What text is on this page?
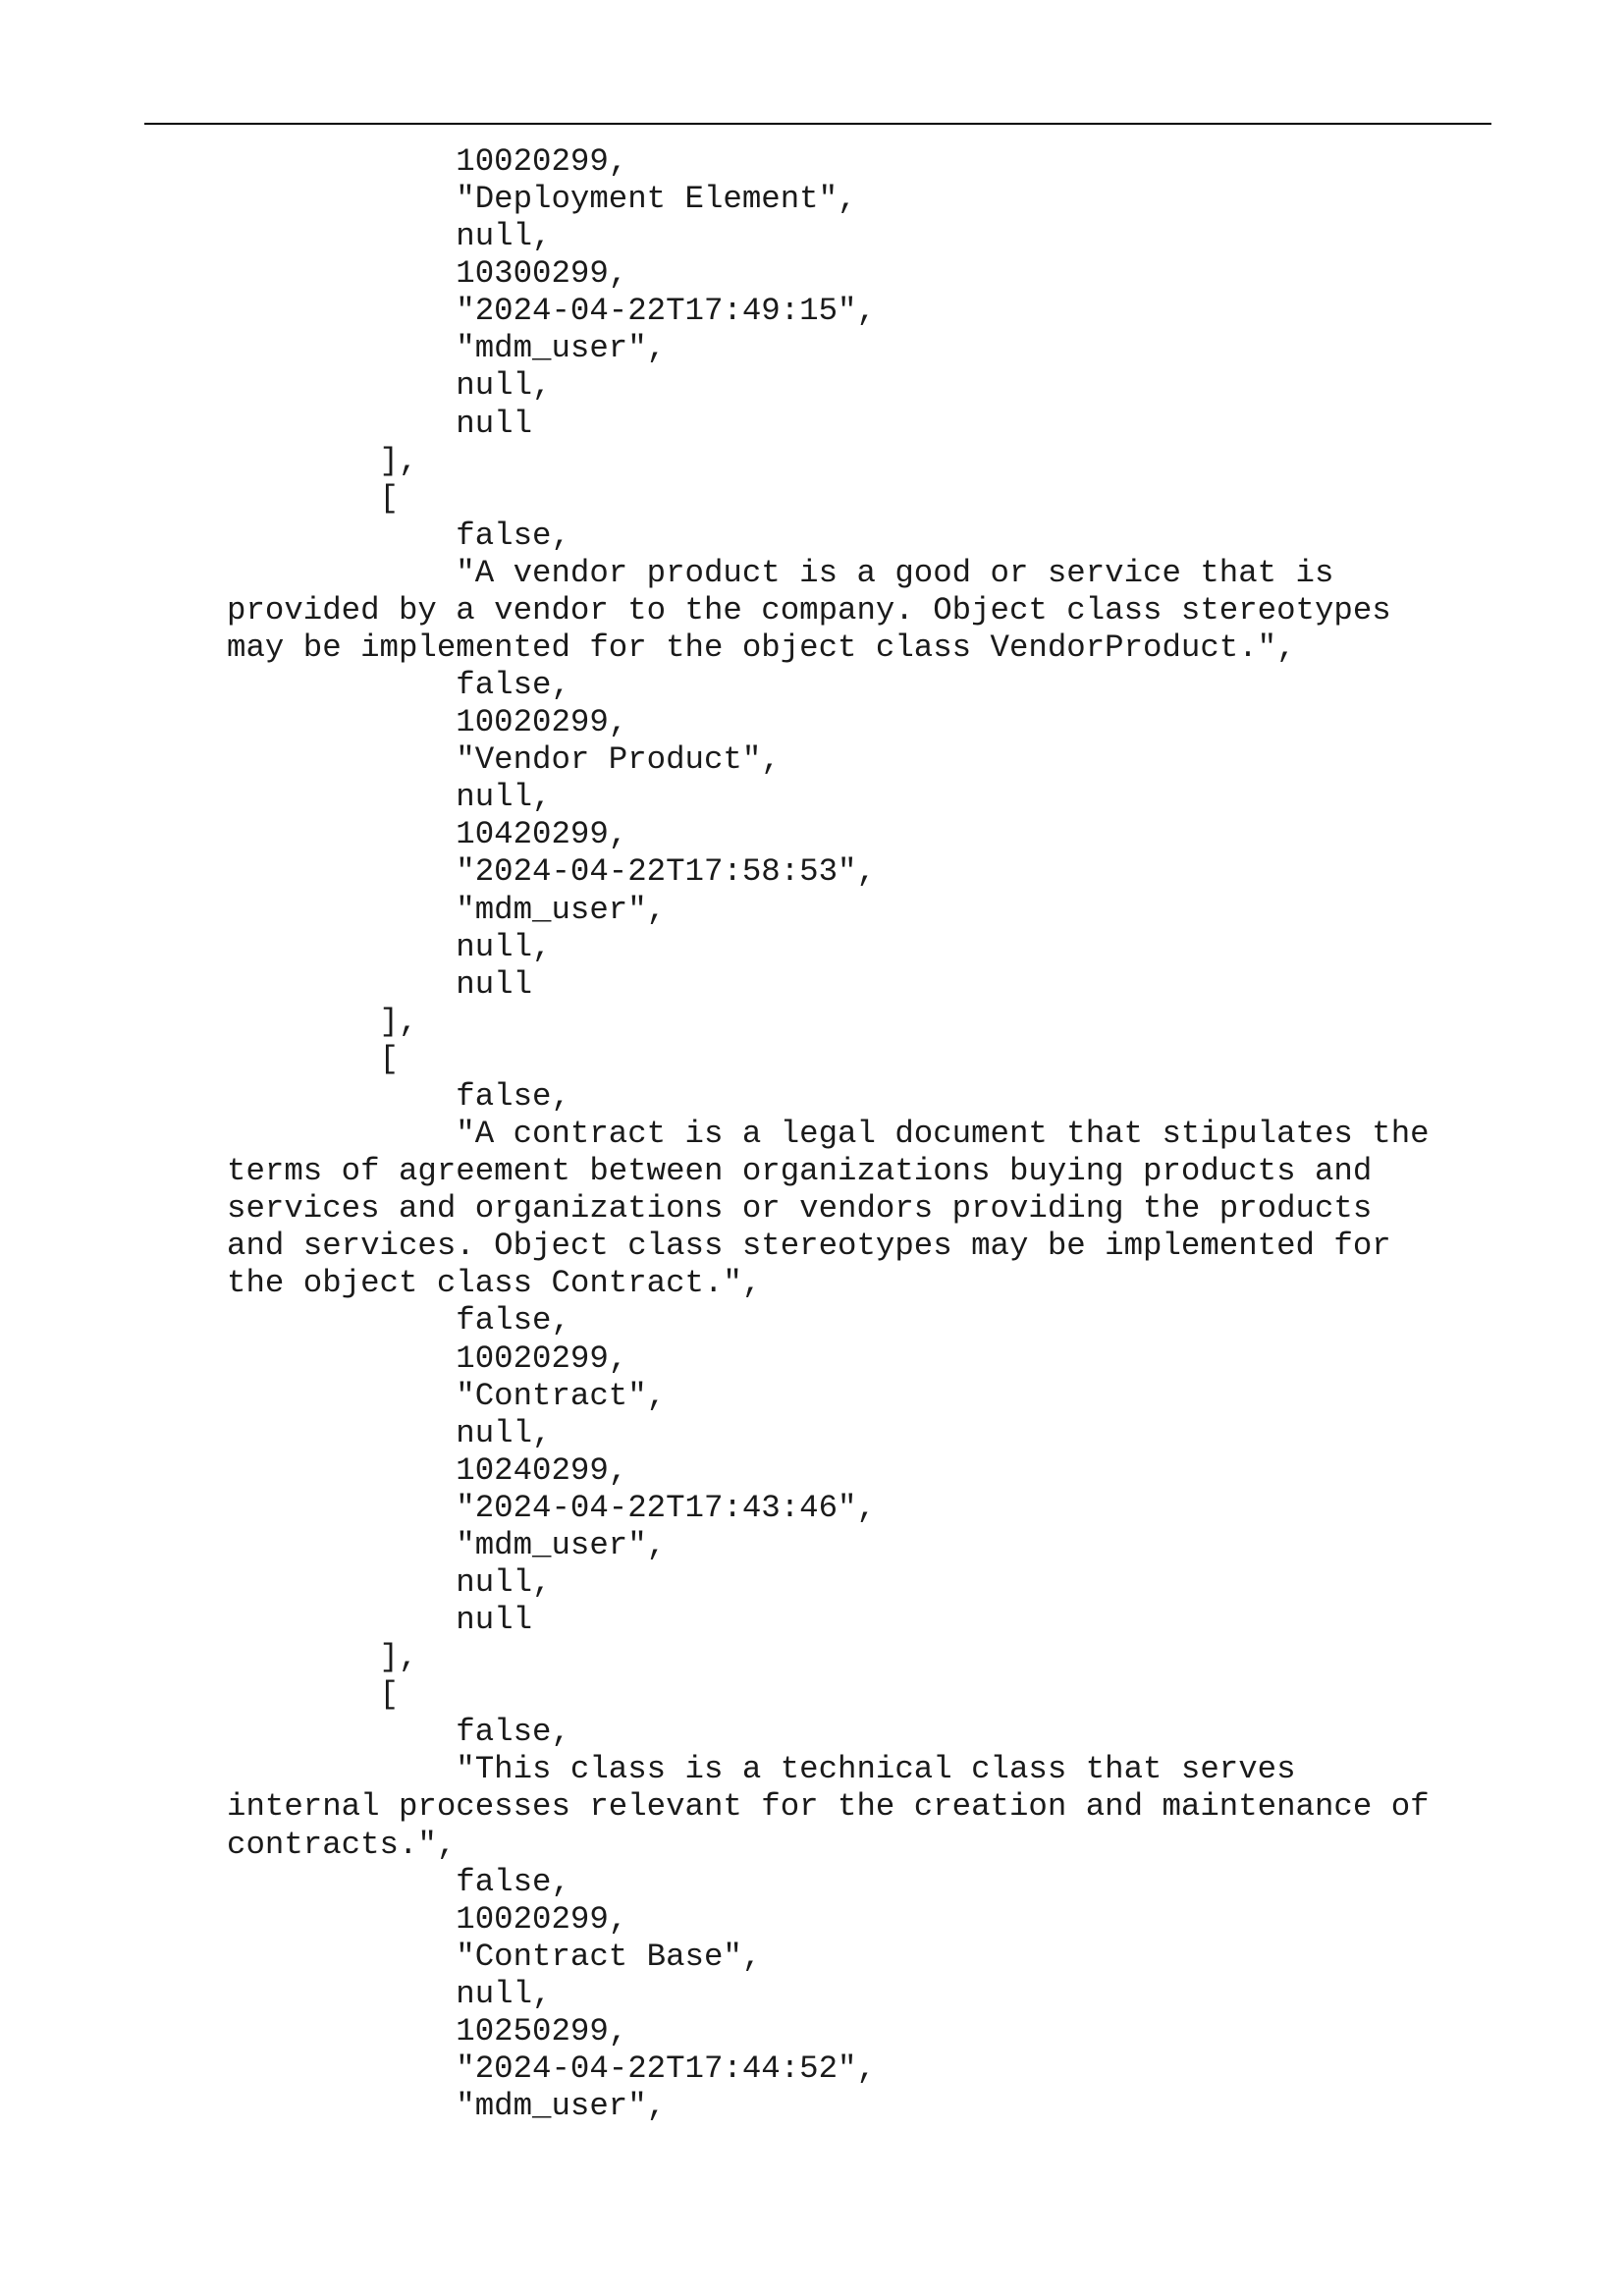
10020299,
"Deployment Element",
null,
10300299,
"2024-04-22T17:49:15",
"mdm_user",
null,
null
],
[
false,
"A vendor product is a good or service that is
provided by a vendor to the company. Object class stereotypes
may be implemented for the object class VendorProduct.",
false,
10020299,
"Vendor Product",
null,
10420299,
"2024-04-22T17:58:53",
"mdm_user",
null,
null
],
[
false,
"A contract is a legal document that stipulates the
terms of agreement between organizations buying products and
services and organizations or vendors providing the products
and services. Object class stereotypes may be implemented for
the object class Contract.",
false,
10020299,
"Contract",
null,
10240299,
"2024-04-22T17:43:46",
"mdm_user",
null,
null
],
[
false,
"This class is a technical class that serves
internal processes relevant for the creation and maintenance of
contracts.",
false,
10020299,
"Contract Base",
null,
10250299,
"2024-04-22T17:44:52",
"mdm_user",
